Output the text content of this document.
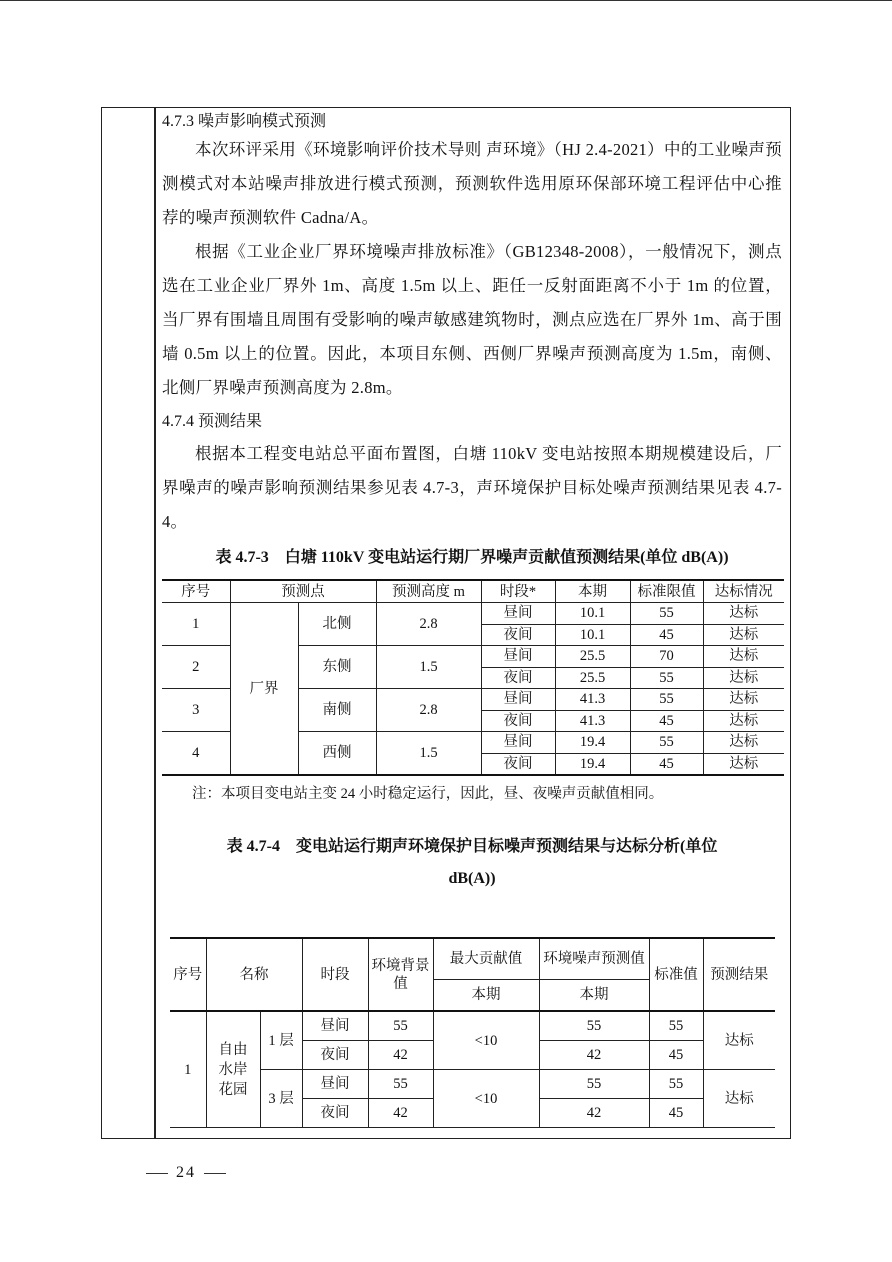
4.7.3 噪声影响模式预测

本次环评采用《环境影响评价技术导则 声环境》（HJ 2.4-2021）中的工业噪声预测模式对本站噪声排放进行模式预测，预测软件选用原环保部环境工程评估中心推荐的噪声预测软件 Cadna/A。

根据《工业企业厂界环境噪声排放标准》（GB12348-2008），一般情况下，测点选在工业企业厂界外 1m、高度 1.5m 以上、距任一反射面距离不小于 1m 的位置，当厂界有围墙且周围有受影响的噪声敏感建筑物时，测点应选在厂界外 1m、高于围墙 0.5m 以上的位置。因此，本项目东侧、西侧厂界噪声预测高度为 1.5m，南侧、北侧厂界噪声预测高度为 2.8m。

4.7.4 预测结果

根据本工程变电站总平面布置图，白塘 110kV 变电站按照本期规模建设后，厂界噪声的噪声影响预测结果参见表 4.7-3，声环境保护目标处噪声预测结果见表 4.7-4。

表 4.7-3　白塘 110kV 变电站运行期厂界噪声贡献值预测结果(单位 dB(A))

序号	预测点		预测高度 m	时段*	本期	标准限值	达标情况
1	厂界	北侧	2.8	昼间	10.1	55	达标
				夜间	10.1	45	达标
2		东侧	1.5	昼间	25.5	70	达标
				夜间	25.5	55	达标
3		南侧	2.8	昼间	41.3	55	达标
				夜间	41.3	45	达标
4		西侧	1.5	昼间	19.4	55	达标
				夜间	19.4	45	达标
注：本项目变电站主变 24 小时稳定运行，因此，昼、夜噪声贡献值相同。

表 4.7-4　变电站运行期声环境保护目标噪声预测结果与达标分析(单位

dB(A))

序号	名称		时段	环境背景值	最大贡献值	环境噪声预测值	标准值	预测结果
					本期	本期		
1	自由水岸花园	1 层	昼间	55	<10	55	55	达标
			夜间	42		42	45	
		3 层	昼间	55	<10	55	55	达标
			夜间	42		42	45	
24
